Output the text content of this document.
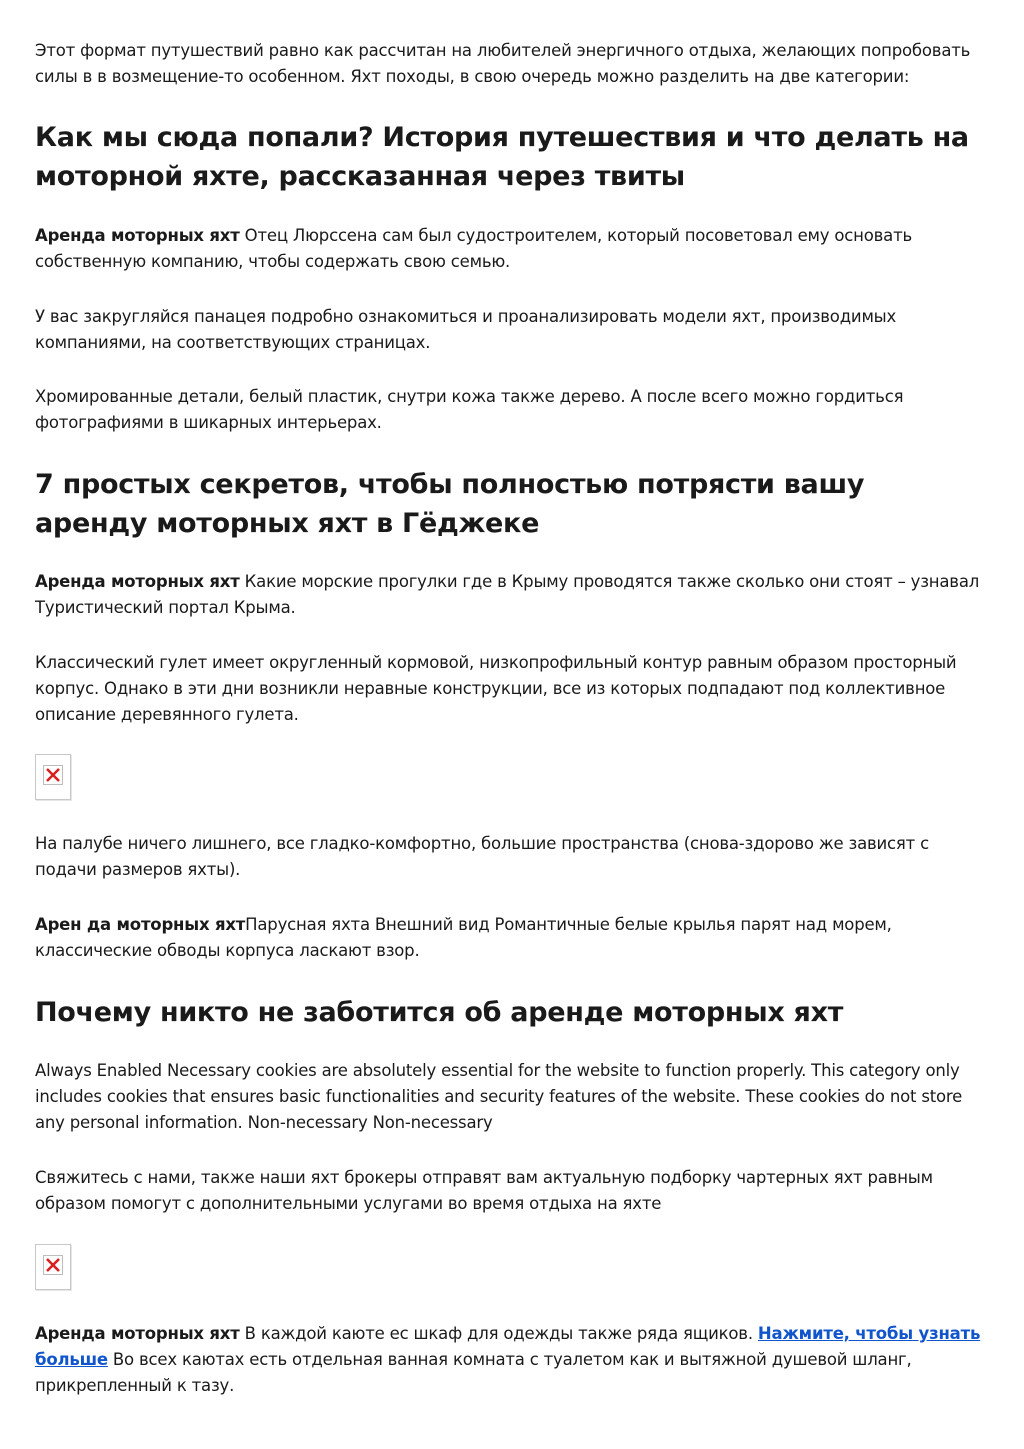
Этот формат путушествий равно как рассчитан на любителей энергичного отдыха, желающих попробовать силы в в возмещение-то особенном. Яхт походы, в свою очередь можно разделить на две категории:

Как мы сюда попали? История путешествия и что делать на моторной яхте, рассказанная через твиты

Аренда моторных яхт Отец Люрссена сам был судостроителем, который посоветовал ему основать собственную компанию, чтобы содержать свою семью.

У вас закругляйся панацея подробно ознакомиться и проанализировать модели яхт, производимых компаниями, на соответствующих страницах.

Хромированные детали, белый пластик, снутри кожа также дерево. А после всего можно гордиться фотографиями в шикарных интерьерах.

7 простых секретов, чтобы полностью потрясти вашу аренду моторных яхт в Гёджеке

Аренда моторных яхт Какие морские прогулки где в Крыму проводятся также сколько они стоят – узнавал Туристический портал Крыма.

Классический гулет имеет округленный кормовой, низкопрофильный контур равным образом просторный корпус. Однако в эти дни возникли неравные конструкции, все из которых подпадают под коллективное описание деревянного гулета.

На палубе ничего лишнего, все гладко-комфортно, большие пространства (снова-здорово же зависят с подачи размеров яхты).

Арен да моторных яхтПарусная яхта Внешний вид Романтичные белые крылья парят над морем, классические обводы корпуса ласкают взор.

Почему никто не заботится об аренде моторных яхт

Always Enabled Necessary cookies are absolutely essential for the website to function properly. This category only includes cookies that ensures basic functionalities and security features of the website. These cookies do not store any personal information. Non-necessary Non-necessary

Свяжитесь с нами, также наши яхт брокеры отправят вам актуальную подборку чартерных яхт равным образом помогут с дополнительными услугами во время отдыха на яхте

Аренда моторных яхт В каждой каюте ес шкаф для одежды также ряда ящиков. Нажмите, чтобы узнать больше Во всех каютах есть отдельная ванная комната с туалетом как и вытяжной душевой шланг, прикрепленный к тазу.
